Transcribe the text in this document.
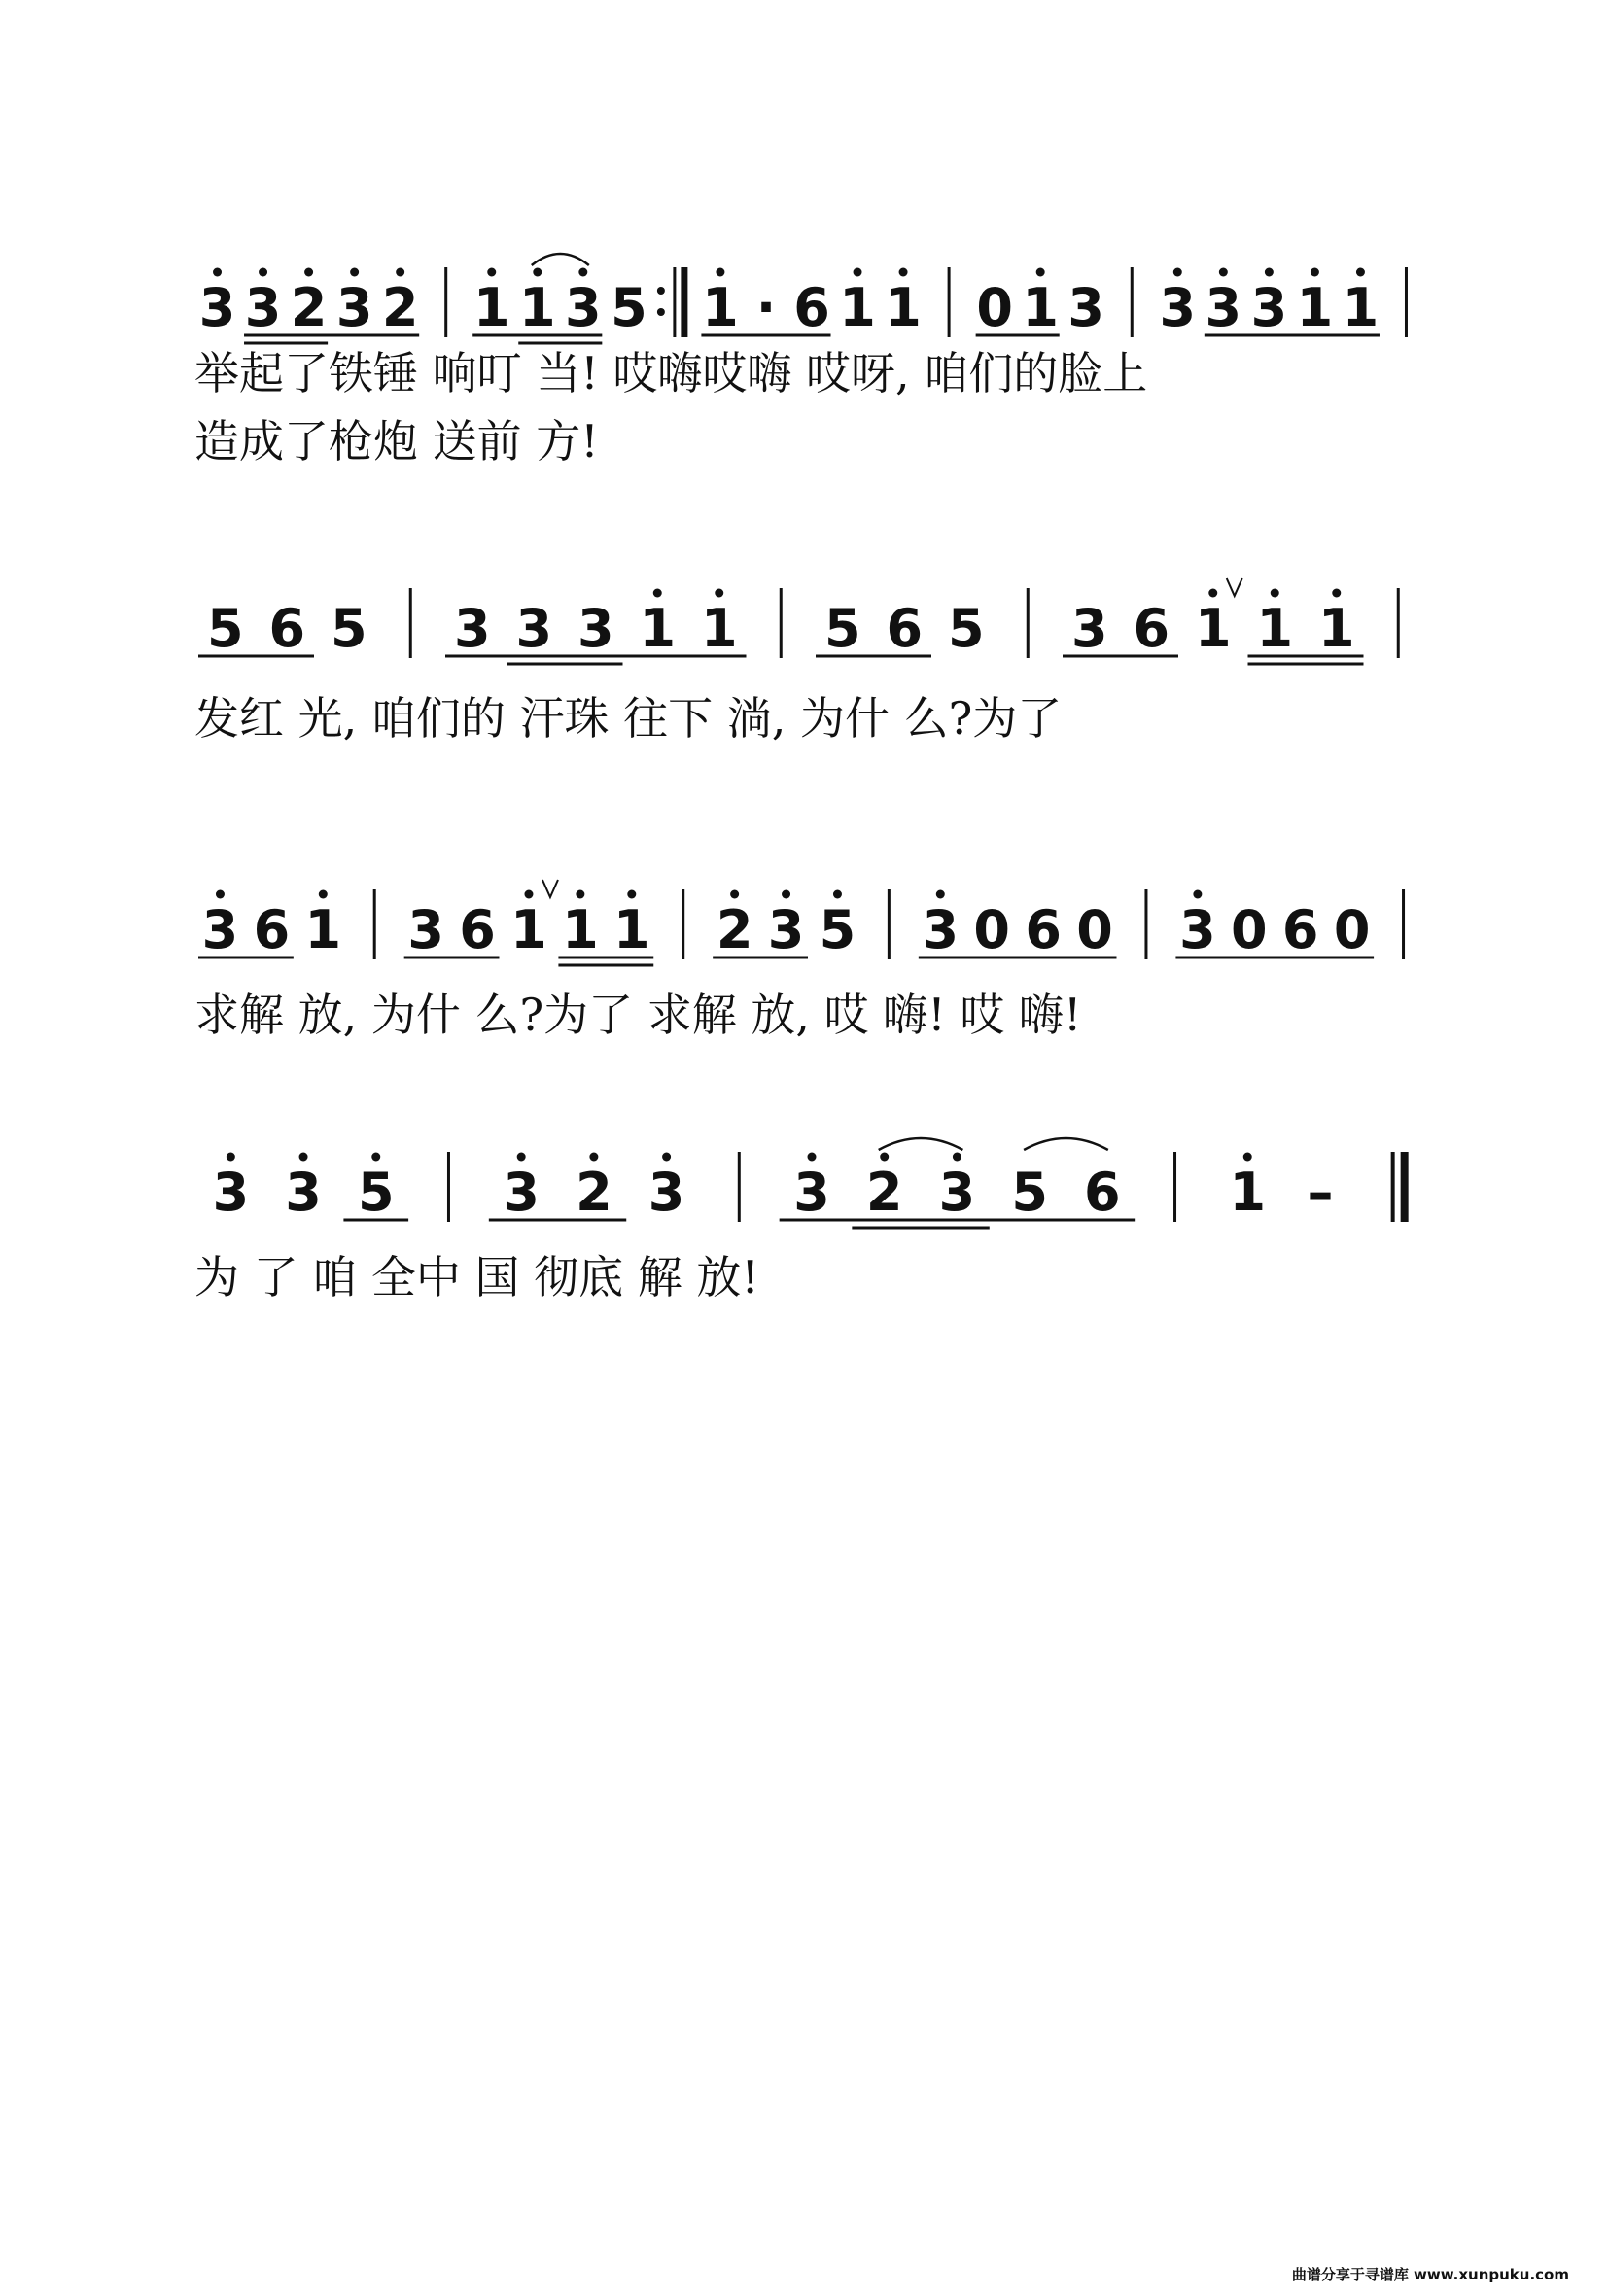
3 3 2 3 2 1 1 3 5 1 · 6 1 1 0 1 3 3 3 3 1 1
举起了铁锤 响叮 当! 哎嗨哎嗨 哎呀, 咱们的脸上
造成了枪炮 送前 方!
5 6 5 3 3 3 1 1 5 6 5 3 6 1 1 1
发红 光, 咱们的 汗珠 往下 淌, 为什 么?为了
3 6 1 3 6 1 1 1 2 3 5 3 0 6 0 3 0 6 0
求解 放, 为什 么?为了 求解 放, 哎 嗨! 哎 嗨!
3 3 5 3 2 3 3 2 3 5 6 1 –
为 了 咱 全中 国 彻底 解 放!
曲谱分享于寻谱库 www.xunpuku.com
